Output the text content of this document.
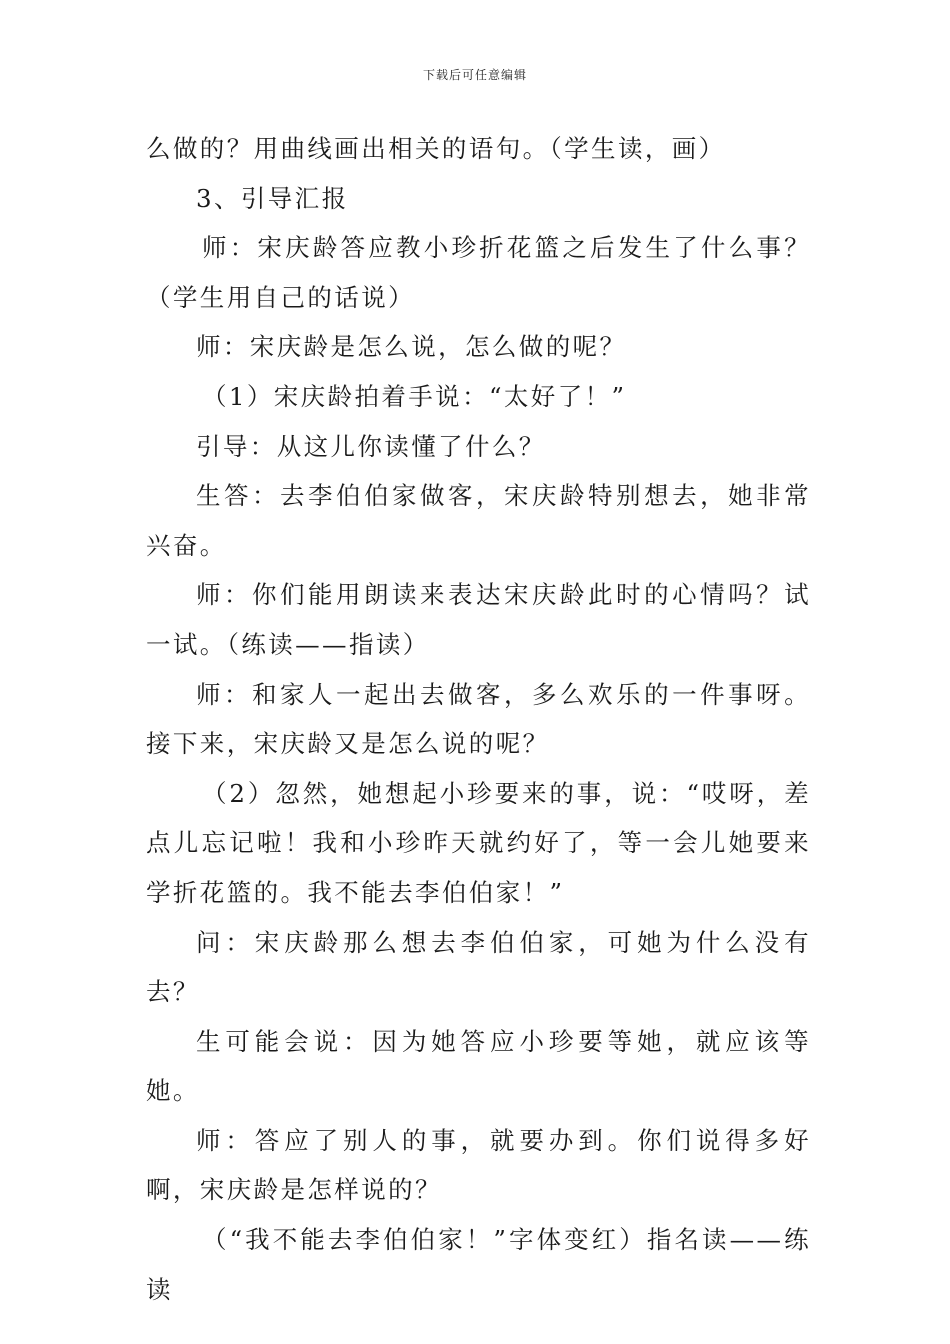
下载后可任意编辑

么做的？用曲线画出相关的语句。（学生读，画）

3、引导汇报

师：宋庆龄答应教小珍折花篮之后发生了什么事？（学生用自己的话说）

师：宋庆龄是怎么说，怎么做的呢？

（1）宋庆龄拍着手说：“太好了！”

引导：从这儿你读懂了什么？

生答：去李伯伯家做客，宋庆龄特别想去，她非常兴奋。

师：你们能用朗读来表达宋庆龄此时的心情吗？试一试。（练读——指读）

师：和家人一起出去做客，多么欢乐的一件事呀。接下来，宋庆龄又是怎么说的呢？

（2）忽然，她想起小珍要来的事，说：“哎呀，差点儿忘记啦！我和小珍昨天就约好了，等一会儿她要来学折花篮的。我不能去李伯伯家！”

问：宋庆龄那么想去李伯伯家，可她为什么没有去？

生可能会说：因为她答应小珍要等她，就应该等她。

师：答应了别人的事，就要办到。你们说得多好啊，宋庆龄是怎样说的？

（“我不能去李伯伯家！”字体变红）指名读——练读
